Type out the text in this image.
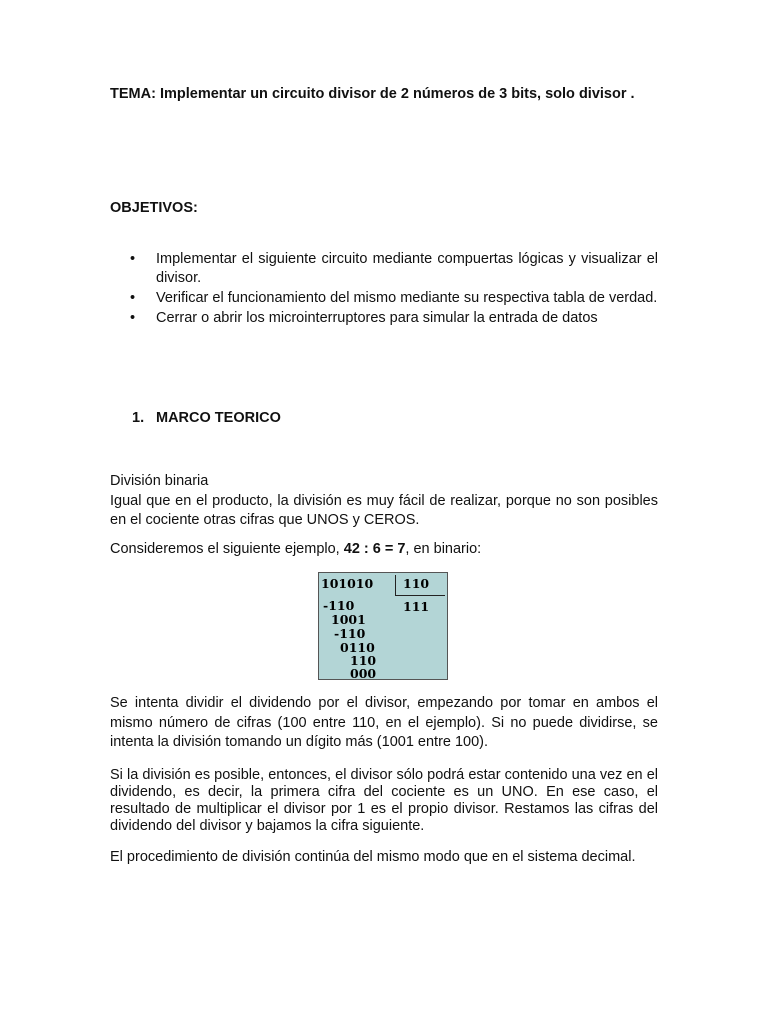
TEMA: Implementar un circuito divisor de 2 números de 3 bits, solo divisor .

OBJETIVOS:

• Implementar el siguiente circuito mediante compuertas lógicas y visualizar el divisor.
• Verificar el funcionamiento del mismo mediante su respectiva tabla de verdad.
• Cerrar o abrir los microinterruptores para simular la entrada de datos

1. MARCO TEORICO

División binaria

Igual que en el producto, la división es muy fácil de realizar, porque no son posibles en el cociente otras cifras que UNOS y CEROS.

Consideremos el siguiente ejemplo, 42 : 6 = 7, en binario:

101010 110
111
-110
1001
-110
0110
110
000

Se intenta dividir el dividendo por el divisor, empezando por tomar en ambos el mismo número de cifras (100 entre 110, en el ejemplo). Si no puede dividirse, se intenta la división tomando un dígito más (1001 entre 100).

Si la división es posible, entonces, el divisor sólo podrá estar contenido una vez en el dividendo, es decir, la primera cifra del cociente es un UNO. En ese caso, el resultado de multiplicar el divisor por 1 es el propio divisor. Restamos las cifras del dividendo del divisor y bajamos la cifra siguiente.

El procedimiento de división continúa del mismo modo que en el sistema decimal.
